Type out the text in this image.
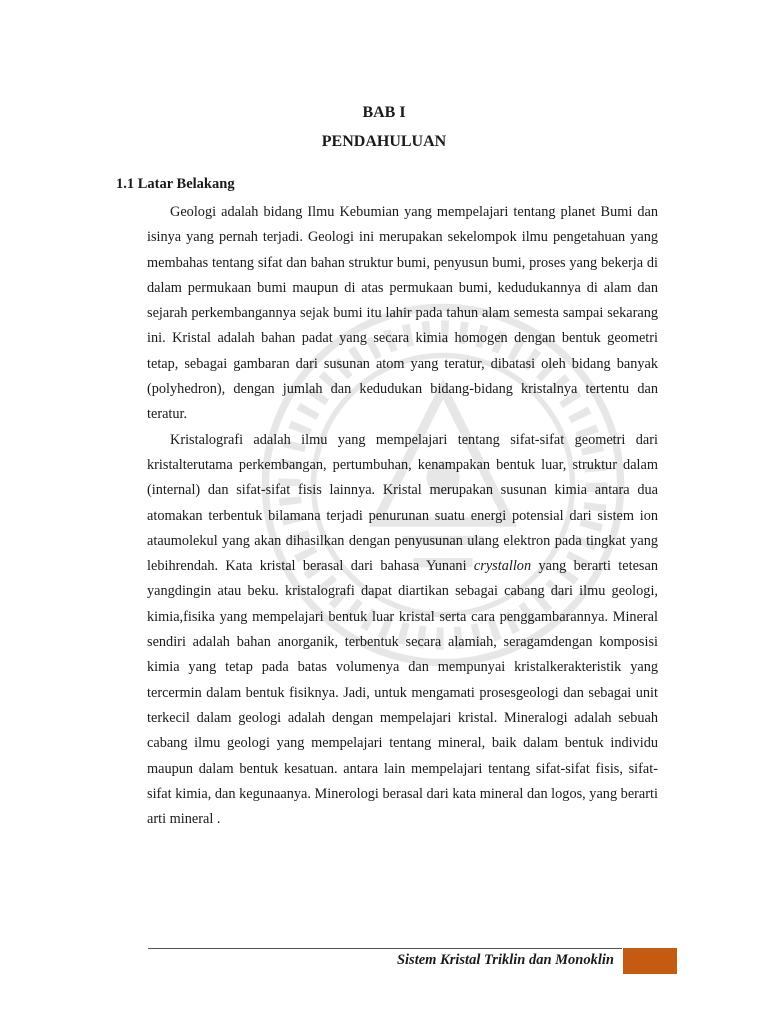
BAB I
PENDAHULUAN
1.1 Latar Belakang

Geologi adalah bidang Ilmu Kebumian yang mempelajari tentang planet Bumi dan isinya yang pernah terjadi. Geologi ini merupakan sekelompok ilmu pengetahuan yang membahas tentang sifat dan bahan struktur bumi, penyusun bumi, proses yang bekerja di dalam permukaan bumi maupun di atas permukaan bumi, kedudukannya di alam dan sejarah perkembangannya sejak bumi itu lahir pada tahun alam semesta sampai sekarang ini. Kristal adalah bahan padat yang secara kimia homogen dengan bentuk geometri tetap, sebagai gambaran dari susunan atom yang teratur, dibatasi oleh bidang banyak (polyhedron), dengan jumlah dan kedudukan bidang-bidang kristalnya tertentu dan teratur.

Kristalografi adalah ilmu yang mempelajari tentang sifat-sifat geometri dari kristalterutama perkembangan, pertumbuhan, kenampakan bentuk luar, struktur dalam (internal) dan sifat-sifat fisis lainnya. Kristal merupakan susunan kimia antara dua atomakan terbentuk bilamana terjadi penurunan suatu energi potensial dari sistem ion ataumolekul yang akan dihasilkan dengan penyusunan ulang elektron pada tingkat yang lebihrendah. Kata kristal berasal dari bahasa Yunani crystallon yang berarti tetesan yangdingin atau beku. kristalografi dapat diartikan sebagai cabang dari ilmu geologi, kimia,fisika yang mempelajari bentuk luar kristal serta cara penggambarannya. Mineral sendiri adalah bahan anorganik, terbentuk secara alamiah, seragamdengan komposisi kimia yang tetap pada batas volumenya dan mempunyai kristalkerakteristik yang tercermin dalam bentuk fisiknya. Jadi, untuk mengamati prosesgeologi dan sebagai unit terkecil dalam geologi adalah dengan mempelajari kristal. Mineralogi adalah sebuah cabang ilmu geologi yang mempelajari tentang mineral, baik dalam bentuk individu maupun dalam bentuk kesatuan. antara lain mempelajari tentang sifat-sifat fisis, sifat-sifat kimia, dan kegunaanya. Minerologi berasal dari kata mineral dan logos, yang berarti arti mineral .

Sistem Kristal Triklin dan Monoklin
